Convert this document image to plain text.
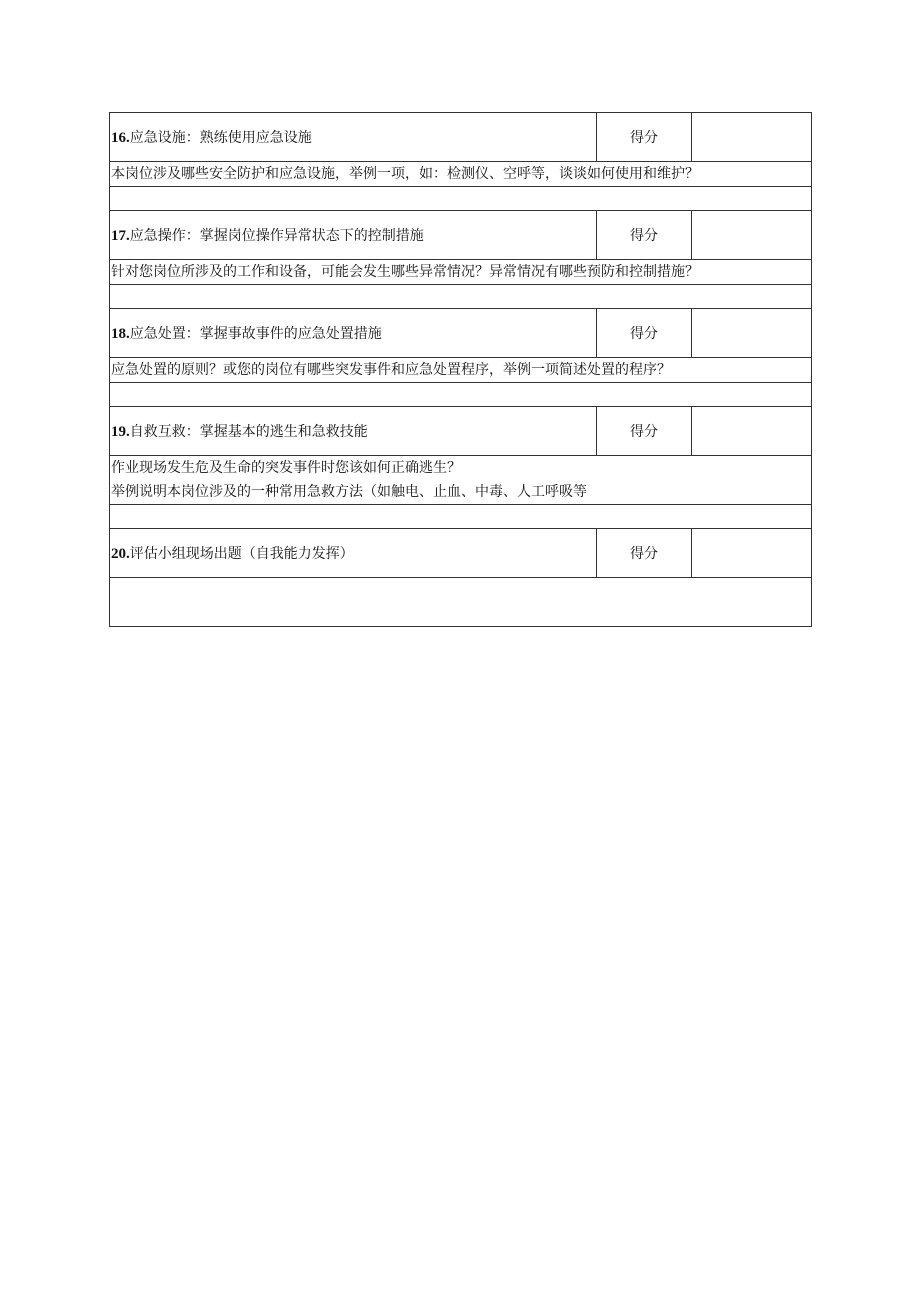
16.应急设施：熟练使用应急设施	得分	
本岗位涉及哪些安全防护和应急设施，举例一项，如：检测仪、空呼等，谈谈如何使用和维护？		

17.应急操作：掌握岗位操作异常状态下的控制措施	得分	
针对您岗位所涉及的工作和设备，可能会发生哪些异常情况？异常情况有哪些预防和控制措施？		

18.应急处置：掌握事故事件的应急处置措施	得分	
应急处置的原则？或您的岗位有哪些突发事件和应急处置程序，举例一项简述处置的程序？		

19.自救互救：掌握基本的逃生和急救技能	得分	

作业现场发生危及生命的突发事件时您该如何正确逃生？
举例说明本岗位涉及的一种常用急救方法（如触电、止血、中毒、人工呼吸等		

20.评估小组现场出题（自我能力发挥）	得分	
